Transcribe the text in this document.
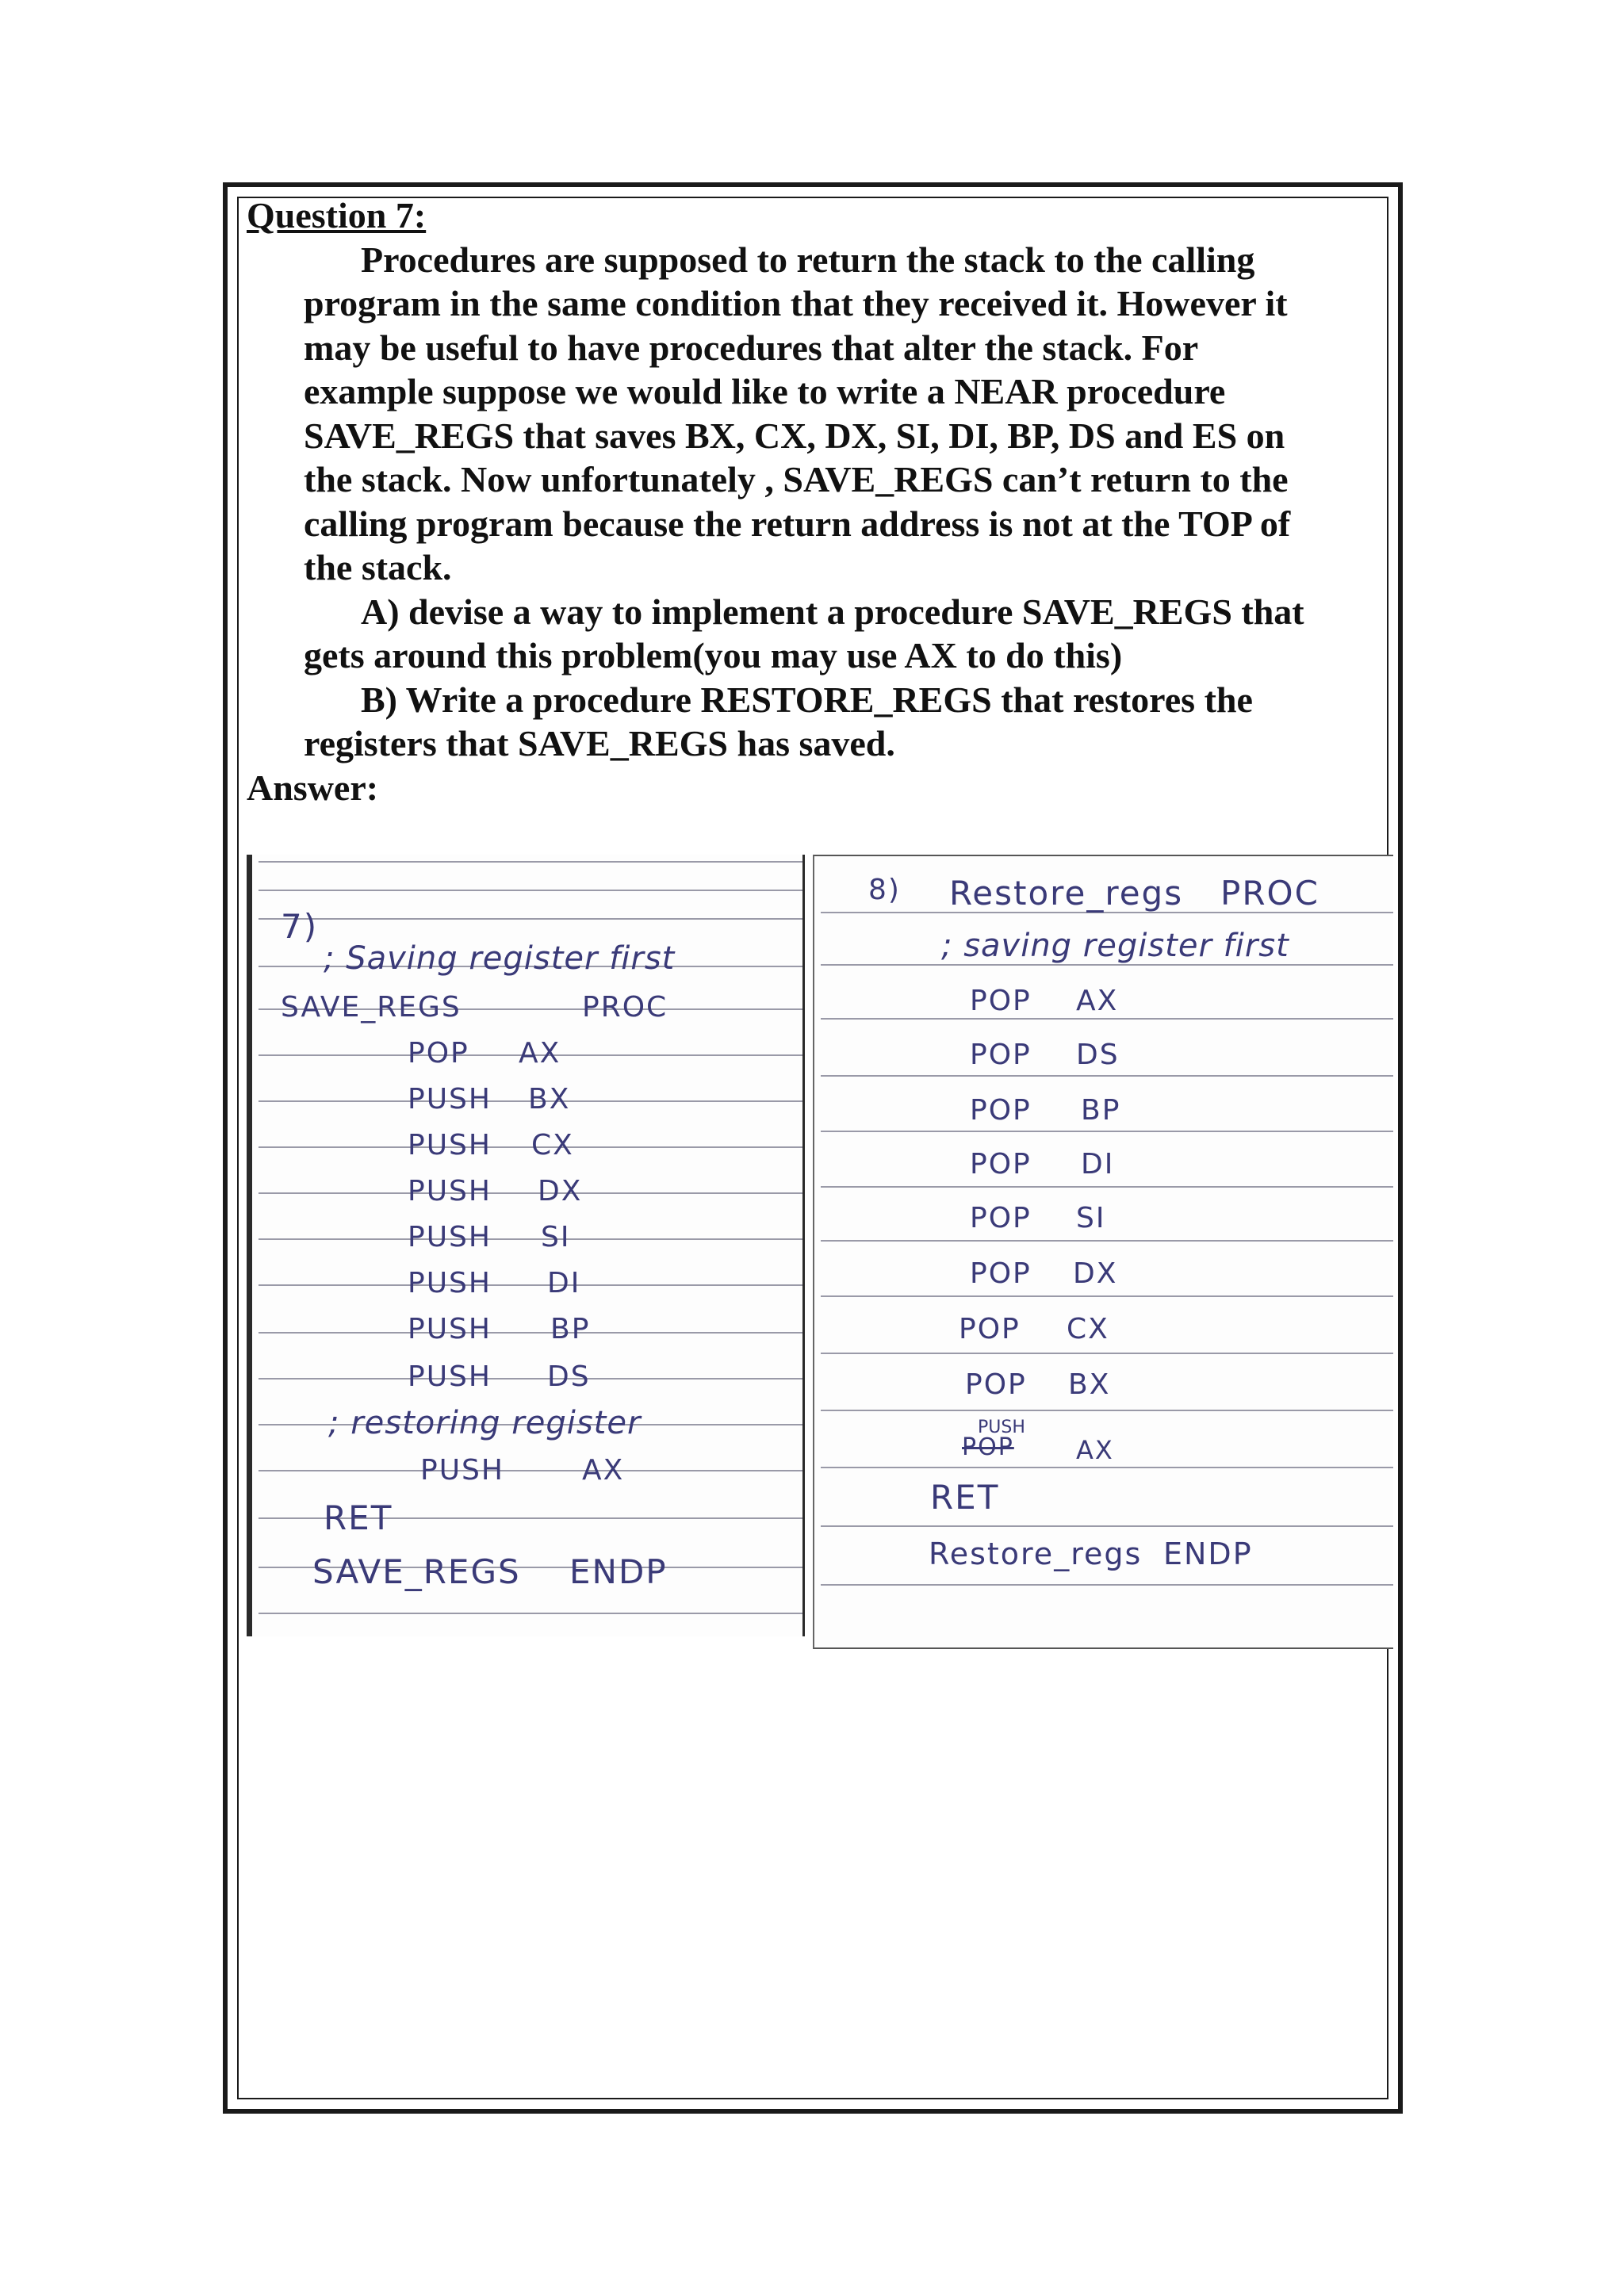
Question 7:
Procedures are supposed to return the stack to the calling
program in the same condition that they received it. However it
may be useful to have procedures that alter the stack. For
example suppose we would like to write a NEAR procedure
SAVE_REGS that saves BX, CX, DX, SI, DI, BP, DS and ES on
the stack. Now unfortunately , SAVE_REGS can’t return to the
calling program because the return address is not at the TOP of
the stack.
A) devise a way to implement a procedure SAVE_REGS that
gets around this problem(you may use AX to do this)
B) Write a procedure RESTORE_REGS that restores the
registers that SAVE_REGS has saved.
Answer:
7)
; Saving register first
SAVE_REGS	PROC
POP AX
PUSH BX
PUSH CX
PUSH DX
PUSH SI
PUSH DI
PUSH BP
PUSH DS
; restoring register
PUSH	AX
RET
SAVE_REGS ENDP
8) Restore_regs PROC
; saving register first
POP AX
POP DS
POP BP
POP DI
POP SI
POP DX
POP CX
POP BX
PUSH
POP AX
RET
Restore_regs ENDP
